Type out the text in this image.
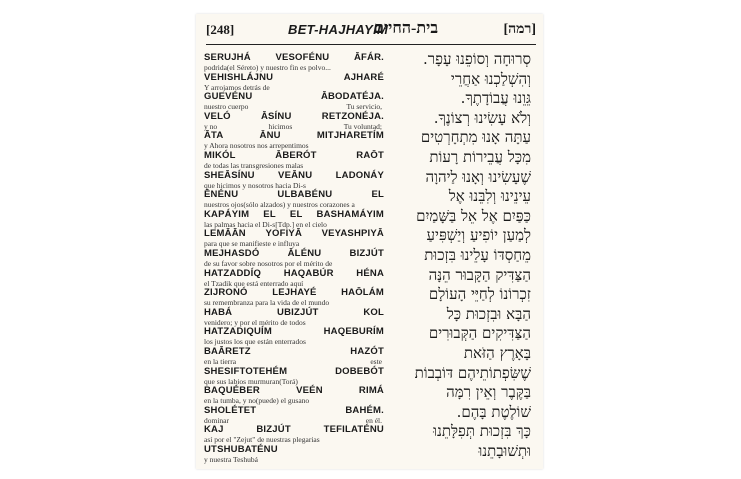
[248]	BET-HAJHAYIM
בית-החיים	[רמה]
SERUJHÁ	VESOFÉNU	ĀFÁR.
podrida(el Séreto) y nuestro fin es polvo...	סְרוּחָה וְסוֹפֵנוּ עָפָר.
VEHISHLÁJNU	AJHARÉ
Y arrojamos detrás de	וְהִשְׁלַכְנוּ אַחֲרֵי
GUEVÉNU	ĀBODATÉJA.
nuestro cuerpo	Tu servicio,	גֵּוֵנוּ עֲבוֹדָתֶךָ.
VELÓ	ĀSÍNU	RETZONÉJA.
y no	hicimos	Tu voluntad;	וְלֹא עָשִׂינוּ רְצוֹנֶךָ.
ĀTA	ĀNU	MITJHARETÍM
y Ahora nosotros nos arrepentimos	עַתָּה אָנוּ מִתְחָרְטִים
MIKÓL	ĀBERÓT	RAŌT
de todas las transgresiones malas	מִכָּל עֲבֵירוֹת רָעוֹת
SHEĀSÍNU VEĀNU LADONÁY
que hicimos y nosotros hacia Di-s	שֶׁעָשִׂינוּ וְאָנוּ לַיהוָה
ĒNÉNU	ULBABÉNU	EL
nuestros ojos(sólo alzados) y nuestros corazones a	עֵינֵינוּ וְלִבֵּנוּ אֶל
KAPÁYIM EL EL BASHAMÁYIM
las palmas hacia el Di-s[Tdp.] en el cielo	כַּפַּיִם אֶל אֵל בַּשָּׁמַיִם
LEMĀĀN YOFIYĀ VEYASHPIYĀ
para que se manifieste e influya	לְמַעַן יוֹפִיעַ וְיַשְׁפִּיעַ
MEJHASDÓ	ĀLÉNU	BIZJÚT
de su favor sobre nosotros por el mérito de	מֵחַסְדּוֹ עָלֵינוּ בִּזְכוּת
HATZADDÍQ HAQABÚR HÉNA
el Tzadik que está enterrado aquí	הַצַּדִּיק הַקָּבוּר הֵנָּה
ZIJRONÓ	LEJHAYÉ	HAŌLÁM
su remembranza para la vida de el mundo	זִכְרוֹנוֹ לְחַיֵּי הָעוֹלָם
HABÁ	UBIZJÚT	KOL
venidero; y por el mérito de todos	הַבָּא וּבִזְכוּת כָּל
HATZADIQUÍM	HAQEBURÍM
los justos los que están enterrados	הַצַּדִּיקִים הַקְּבוּרִים
BAĀRETZ	HAZÓT
en la tierra	este	בָּאָרֶץ הַזֹּאת
SHESIFTOTEHÉM	DOBEBÓT
que sus labios murmuran(Torá)	שֶׁשִּׂפְתוֹתֵיהֶם דּוֹבְבוֹת
BAQUÉBER	VEÉN	RIMÁ
en la tumba, y no(puede) el gusano	בַּקֶּבֶר וְאֵין רִמָּה
SHOLÉTET	BAHÉM.
dominar	en él.	שׁוֹלֶטֶת בָּהֶם.
KAJ	BIZJÚT	TEFILATÉNU
así por el "Zejut" de nuestras plegarias	כָּךְ בִּזְכוּת תְּפִלָּתֵנוּ
UTSHUBATÉNU
y nuestra Teshubá	וּתְשׁוּבָתֵנוּ
